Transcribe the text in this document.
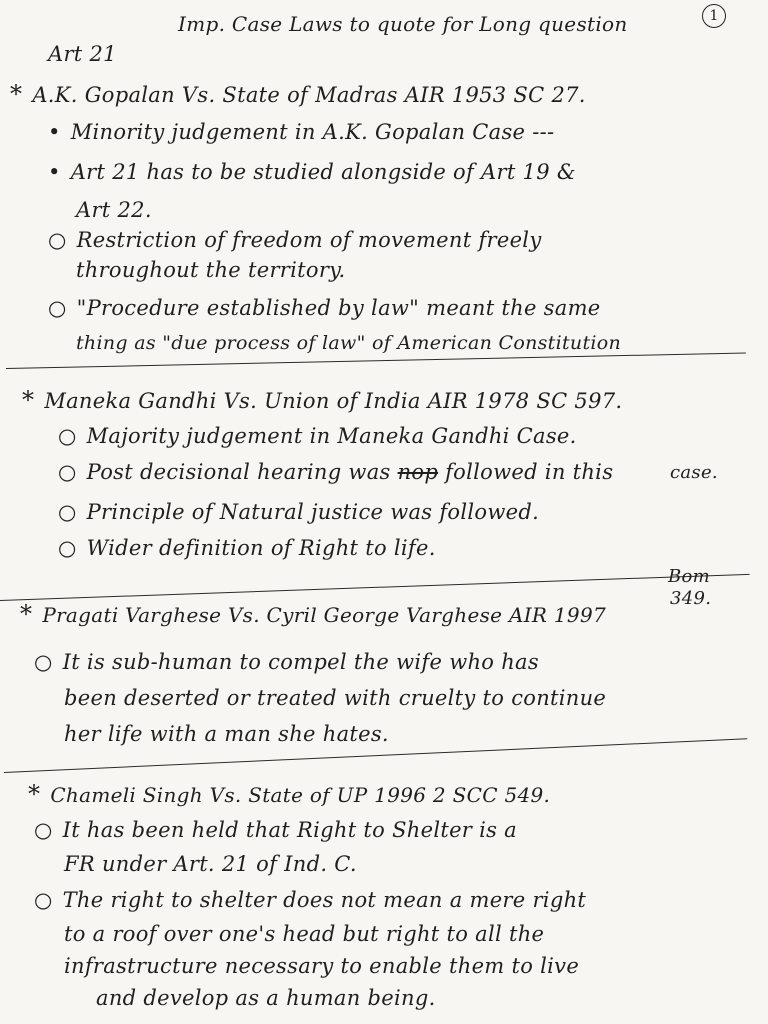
1
Imp. Case Laws to quote for Long question
Art 21
* A.K. Gopalan Vs. State of Madras AIR 1953 SC 27.
• Minority judgement in A.K. Gopalan Case ---
• Art 21 has to be studied alongside of Art 19 &
Art 22.
○ Restriction of freedom of movement freely
throughout the territory.
○ "Procedure established by law" meant the same
thing as "due process of law" of American Constitution
* Maneka Gandhi Vs. Union of India AIR 1978 SC 597.
○ Majority judgement in Maneka Gandhi Case.
○ Post decisional hearing was nop followed in this	case.
○ Principle of Natural justice was followed.
○ Wider definition of Right to life.
* Pragati Varghese Vs. Cyril George Varghese AIR 1997
Bom
349.
○ It is sub-human to compel the wife who has
been deserted or treated with cruelty to continue
her life with a man she hates.
* Chameli Singh Vs. State of UP 1996 2 SCC 549.
○ It has been held that Right to Shelter is a
FR under Art. 21 of Ind. C.
○ The right to shelter does not mean a mere right
to a roof over one's head but right to all the
infrastructure necessary to enable them to live
and develop as a human being.
